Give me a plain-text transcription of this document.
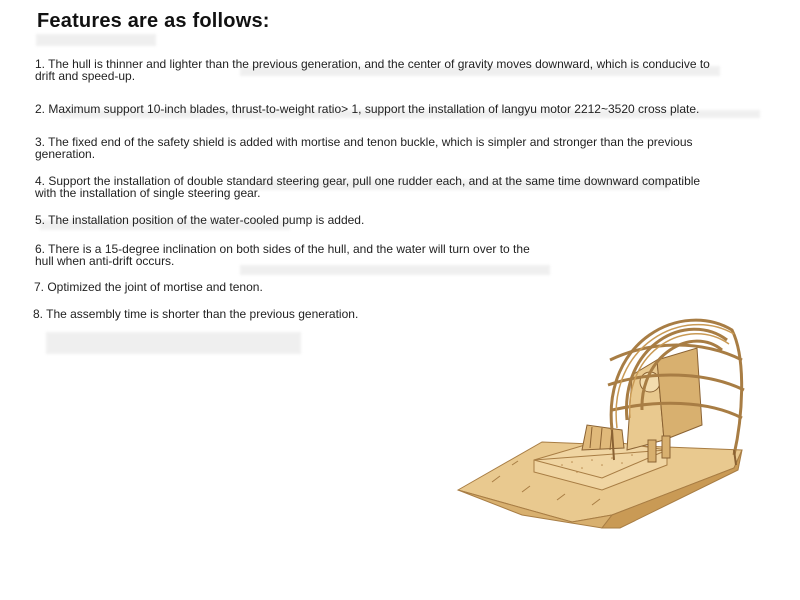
Features are as follows:
1. The hull is thinner and lighter than the previous generation, and the center of gravity moves downward, which is conducive to drift and speed-up.
2. Maximum support 10-inch blades, thrust-to-weight ratio> 1, support the installation of langyu motor 2212~3520 cross plate.
3. The fixed end of the safety shield is added with mortise and tenon buckle, which is simpler and stronger than the previous generation.
4. Support the installation of double standard steering gear, pull one rudder each, and at the same time downward compatible with the installation of single steering gear.
5. The installation position of the water-cooled pump is added.
6. There is a 15-degree inclination on both sides of the hull, and the water will turn over to the hull when anti-drift occurs.
7. Optimized the joint of mortise and tenon.
8. The assembly time is shorter than the previous generation.
